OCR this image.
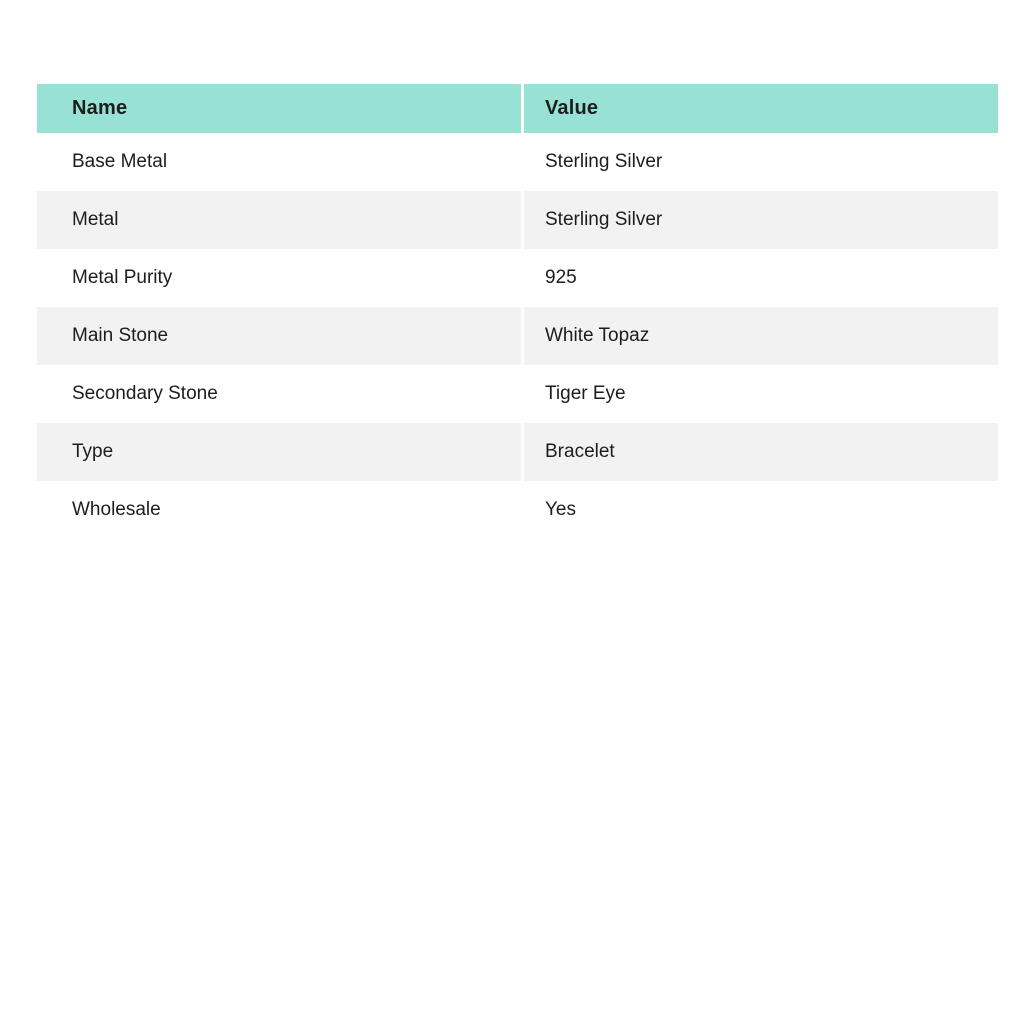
Name	Value
Base Metal	Sterling Silver
Metal	Sterling Silver
Metal Purity	925
Main Stone	White Topaz
Secondary Stone	Tiger Eye
Type	Bracelet
Wholesale	Yes
